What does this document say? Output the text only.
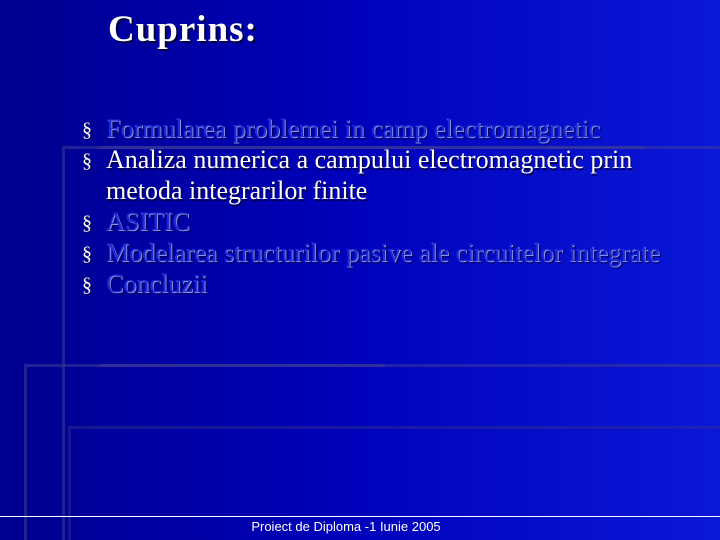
Cuprins:
§ Formularea problemei in camp electromagnetic
§ Analiza numerica a campului electromagnetic prin metoda integrarilor finite
§ ASITIC
§ Modelarea structurilor pasive ale circuitelor integrate
§ Concluzii
Proiect de Diploma -1 Iunie 2005
